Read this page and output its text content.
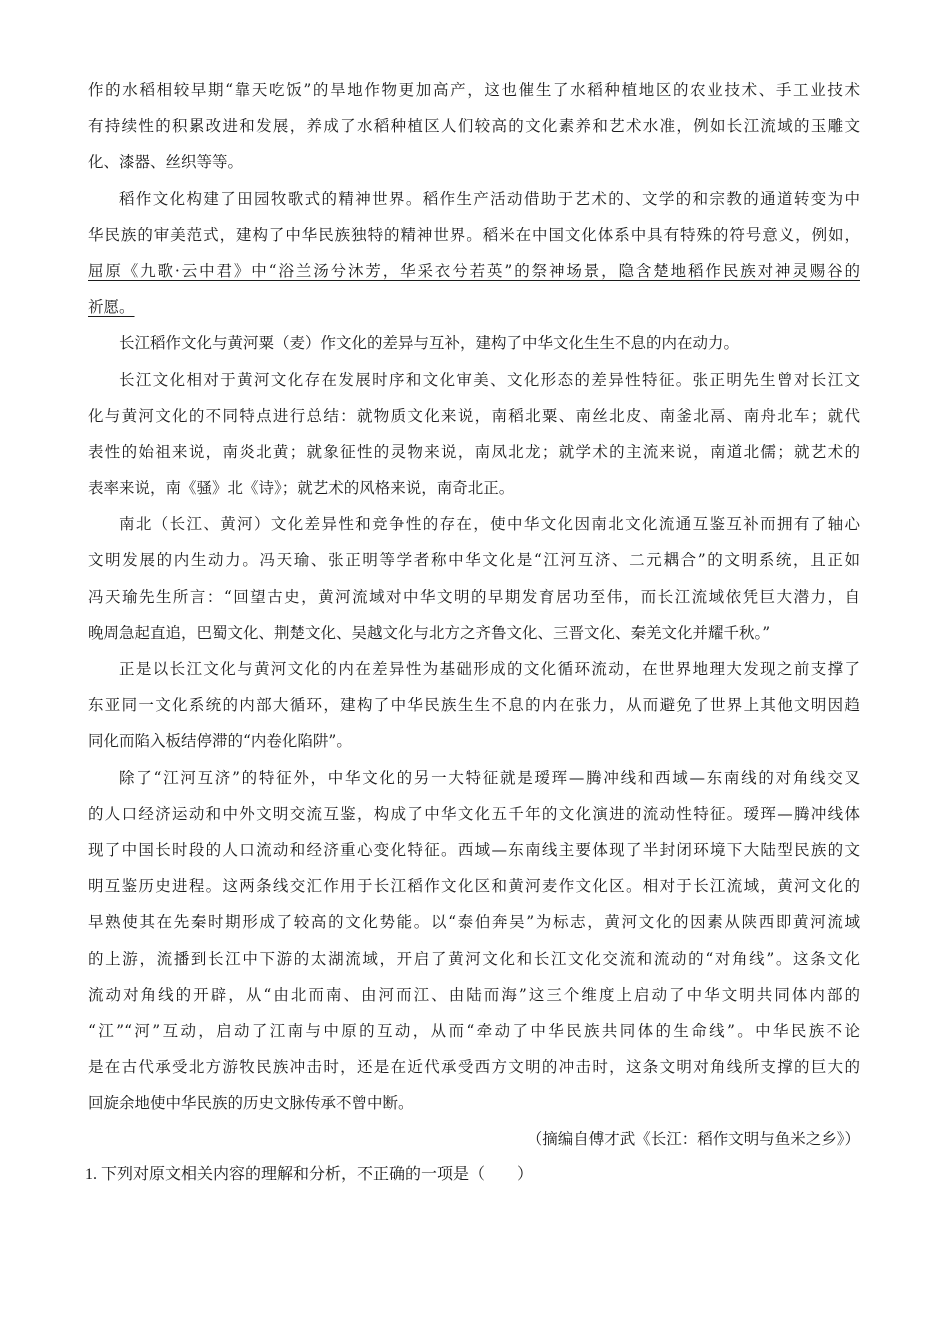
作的水稻相较早期“靠天吃饭”的旱地作物更加高产，这也催生了水稻种植地区的农业技术、手工业技术
有持续性的积累改进和发展，养成了水稻种植区人们较高的文化素养和艺术水准，例如长江流域的玉雕文
化、漆器、丝织等等。
稻作文化构建了田园牧歌式的精神世界。稻作生产活动借助于艺术的、文学的和宗教的通道转变为中
华民族的审美范式，建构了中华民族独特的精神世界。稻米在中国文化体系中具有特殊的符号意义，例如，
屈原《九歌·云中君》中“浴兰汤兮沐芳，华采衣兮若英”的祭神场景，隐含楚地稻作民族对神灵赐谷的
祈愿。
长江稻作文化与黄河粟（麦）作文化的差异与互补，建构了中华文化生生不息的内在动力。
长江文化相对于黄河文化存在发展时序和文化审美、文化形态的差异性特征。张正明先生曾对长江文
化与黄河文化的不同特点进行总结：就物质文化来说，南稻北粟、南丝北皮、南釜北鬲、南舟北车；就代
表性的始祖来说，南炎北黄；就象征性的灵物来说，南凤北龙；就学术的主流来说，南道北儒；就艺术的
表率来说，南《骚》北《诗》；就艺术的风格来说，南奇北正。
南北（长江、黄河）文化差异性和竞争性的存在，使中华文化因南北文化流通互鉴互补而拥有了轴心
文明发展的内生动力。冯天瑜、张正明等学者称中华文化是“江河互济、二元耦合”的文明系统，且正如
冯天瑜先生所言：“回望古史，黄河流域对中华文明的早期发育居功至伟，而长江流域依凭巨大潜力，自
晚周急起直追，巴蜀文化、荆楚文化、吴越文化与北方之齐鲁文化、三晋文化、秦羌文化并耀千秋。”
正是以长江文化与黄河文化的内在差异性为基础形成的文化循环流动，在世界地理大发现之前支撑了
东亚同一文化系统的内部大循环，建构了中华民族生生不息的内在张力，从而避免了世界上其他文明因趋
同化而陷入板结停滞的“内卷化陷阱”。
除了“江河互济”的特征外，中华文化的另一大特征就是瑷珲—腾冲线和西域—东南线的对角线交叉
的人口经济运动和中外文明交流互鉴，构成了中华文化五千年的文化演进的流动性特征。瑷珲—腾冲线体
现了中国长时段的人口流动和经济重心变化特征。西域—东南线主要体现了半封闭环境下大陆型民族的文
明互鉴历史进程。这两条线交汇作用于长江稻作文化区和黄河麦作文化区。相对于长江流域，黄河文化的
早熟使其在先秦时期形成了较高的文化势能。以“泰伯奔吴”为标志，黄河文化的因素从陕西即黄河流域
的上游，流播到长江中下游的太湖流域，开启了黄河文化和长江文化交流和流动的“对角线”。这条文化
流动对角线的开辟，从“由北而南、由河而江、由陆而海”这三个维度上启动了中华文明共同体内部的
“江”“河”互动，启动了江南与中原的互动，从而“牵动了中华民族共同体的生命线”。中华民族不论
是在古代承受北方游牧民族冲击时，还是在近代承受西方文明的冲击时，这条文明对角线所支撑的巨大的
回旋余地使中华民族的历史文脉传承不曾中断。
（摘编自傅才武《长江：稻作文明与鱼米之乡》）
1. 下列对原文相关内容的理解和分析，不正确的一项是（　　）
